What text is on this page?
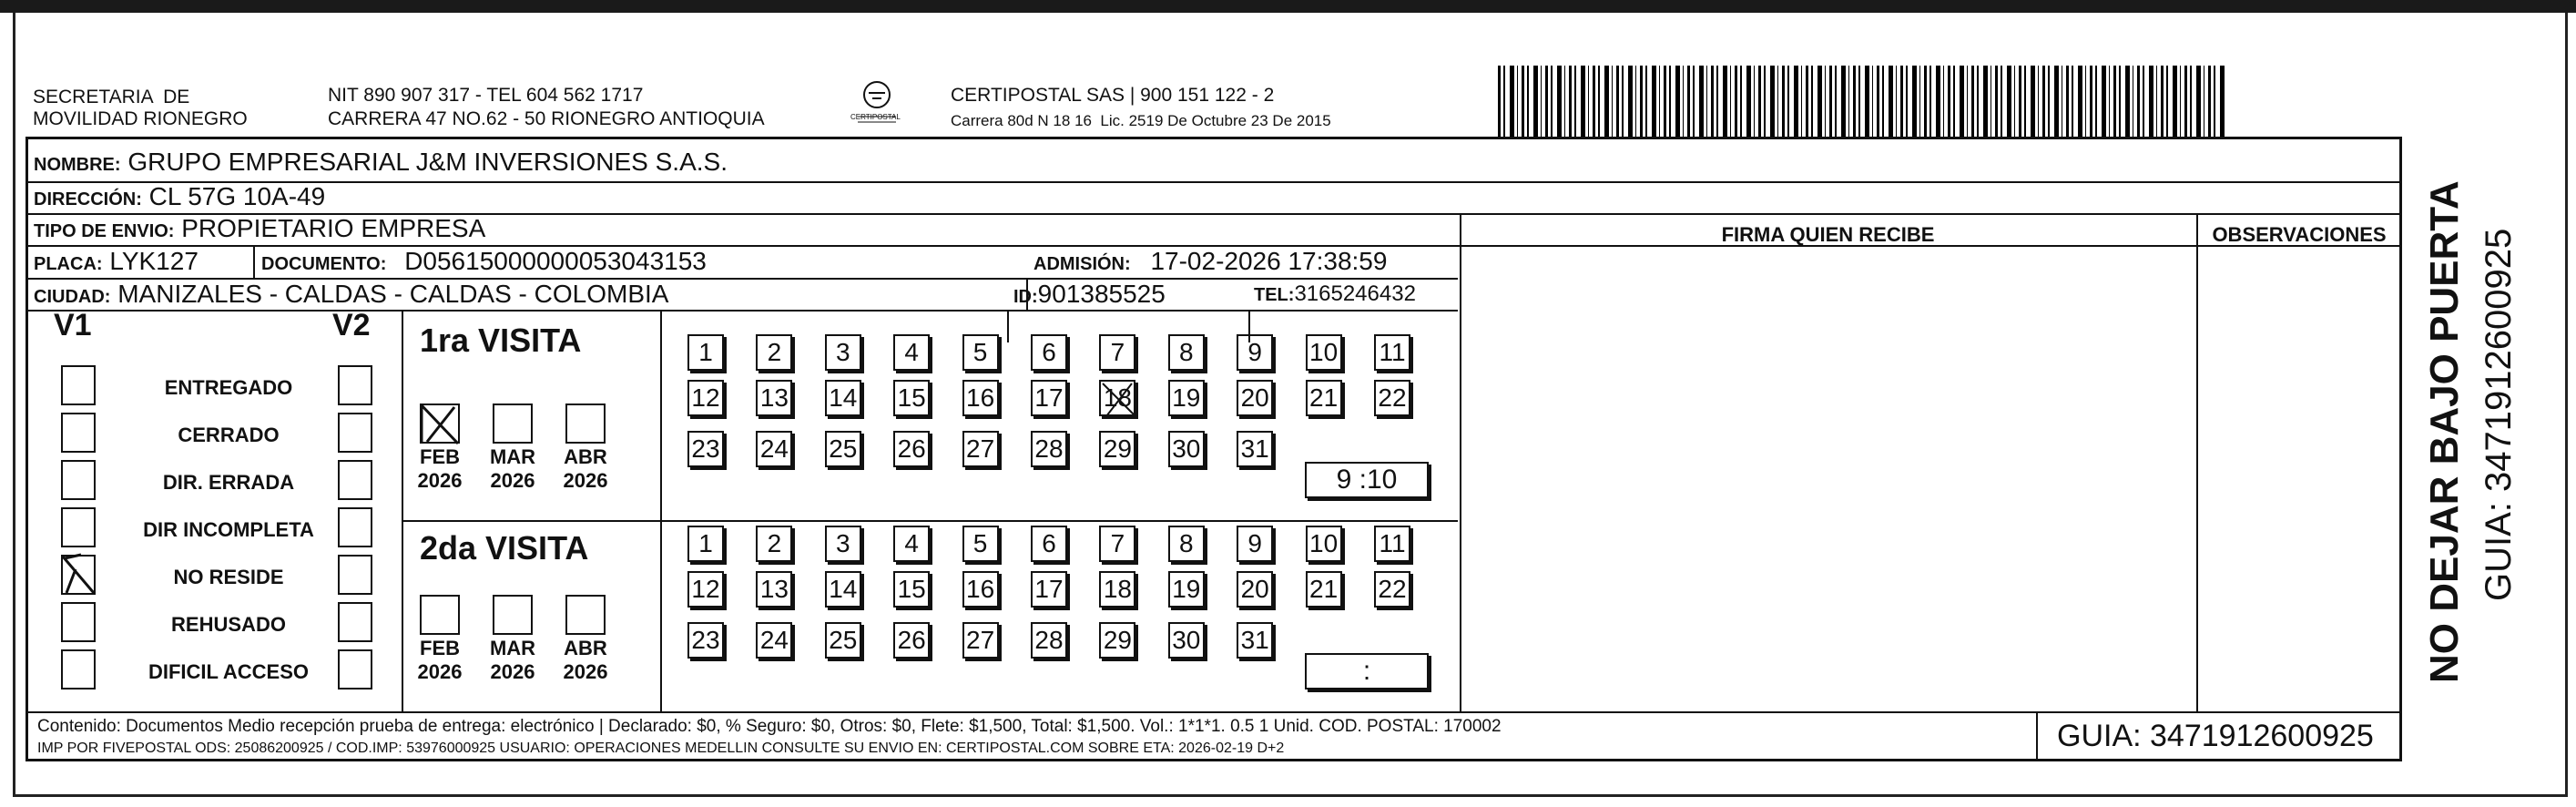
SECRETARIA  DE
MOVILIDAD RIONEGRO
NIT 890 907 317 - TEL 604 562 1717
CARRERA 47 NO.62 - 50 RIONEGRO ANTIOQUIA	CERTIPOSTAL
CERTIPOSTAL SAS | 900 151 122 - 2
Carrera 80d N 18 16  Lic. 2519 De Octubre 23 De 2015
NOMBRE: GRUPO EMPRESARIAL J&M INVERSIONES S.A.S.
DIRECCIÓN: CL 57G 10A-49
TIPO DE ENVIO: PROPIETARIO EMPRESA	FIRMA QUIEN RECIBE	OBSERVACIONES
PLACA: LYK127	DOCUMENTO: D05615000000053043153	ADMISIÓN: 17-02-2026 17:38:59
CIUDAD: MANIZALES - CALDAS - CALDAS - COLOMBIA	ID:901385525	TEL:3165246432
V1	V2
ENTREGADO
CERRADO
DIR. ERRADA
DIR INCOMPLETA
NO RESIDE
REHUSADO
DIFICIL ACCESO
1ra VISITA
2da VISITA
FEB
2026
MAR
2026
ABR
2026
FEB
2026
MAR
2026
ABR
2026
1	2	3	4	5	6	7	8	9	10 11
12 13 14 15 16 17 18 19 20 21 22
23 24 25 26 27 28 29 30 31
1	2	3	4	5	6	7	8	9	10 11
12 13 14 15 16 17 18 19 20 21 22
23 24 25 26 27 28 29 30 31
9 :10
:
Contenido: Documentos Medio recepción prueba de entrega: electrónico | Declarado: $0, % Seguro: $0, Otros: $0, Flete: $1,500, Total: $1,500. Vol.: 1*1*1. 0.5 1 Unid. COD. POSTAL: 170002
IMP POR FIVEPOSTAL ODS: 25086200925 / COD.IMP: 53976000925 USUARIO: OPERACIONES MEDELLIN CONSULTE SU ENVIO EN: CERTIPOSTAL.COM SOBRE ETA: 2026-02-19 D+2	GUIA: 3471912600925
NO DEJAR BAJO PUERTA GUIA: 3471912600925
